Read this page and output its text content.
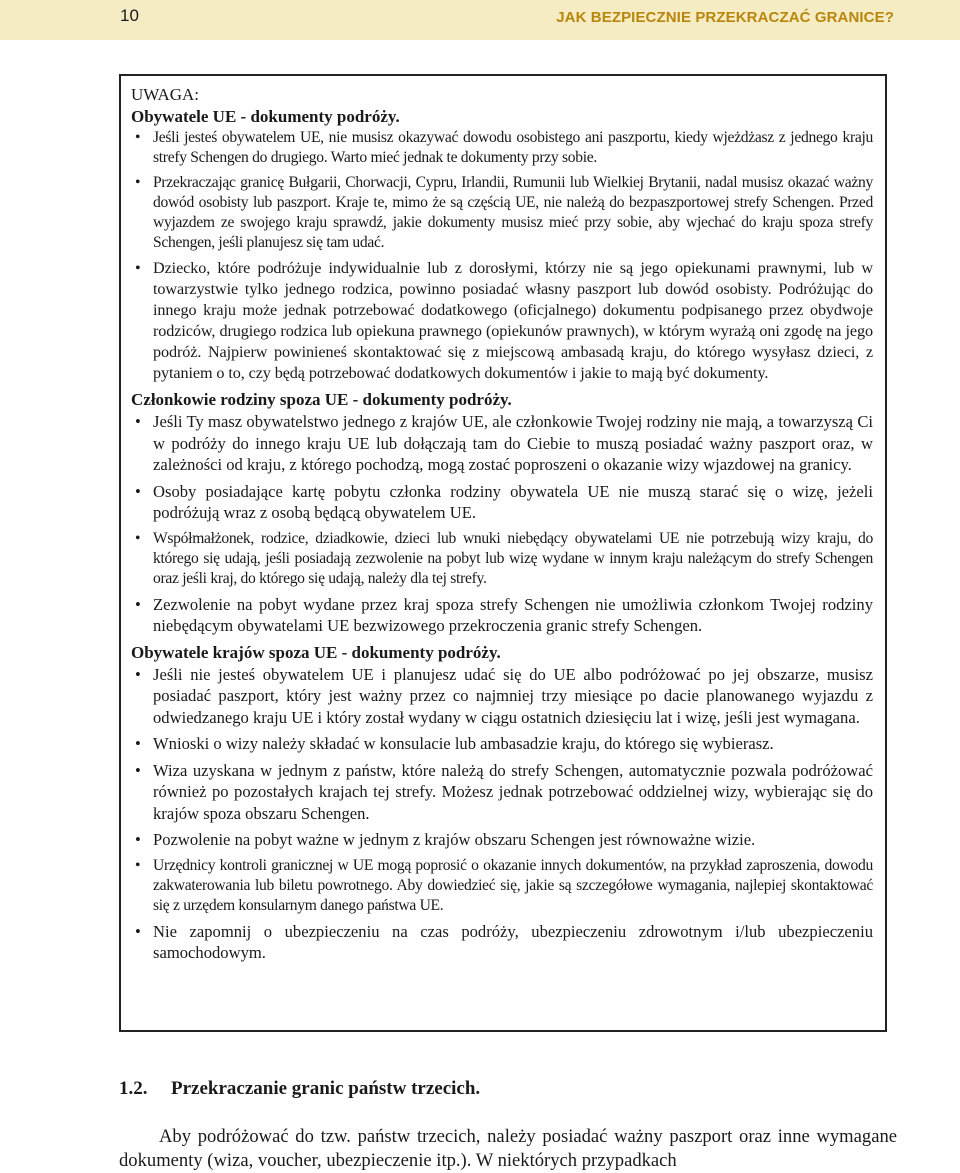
10	JAK BEZPIECZNIE PRZEKRACZAĆ GRANICE?

UWAGA:

Obywatele UE - dokumenty podróży.

• Jeśli jesteś obywatelem UE, nie musisz okazywać dowodu osobistego ani paszportu, kiedy wjeżdżasz z jednego kraju strefy Schengen do drugiego. Warto mieć jednak te dokumenty przy sobie.
• Przekraczając granicę Bułgarii, Chorwacji, Cypru, Irlandii, Rumunii lub Wielkiej Brytanii, nadal musisz okazać ważny dowód osobisty lub paszport. Kraje te, mimo że są częścią UE, nie należą do bezpaszportowej strefy Schengen. Przed wyjazdem ze swojego kraju sprawdź, jakie dokumenty musisz mieć przy sobie, aby wjechać do kraju spoza strefy Schengen, jeśli planujesz się tam udać.
• Dziecko, które podróżuje indywidualnie lub z dorosłymi, którzy nie są jego opiekunami prawnymi, lub w towarzystwie tylko jednego rodzica, powinno posiadać własny paszport lub dowód osobisty. Podróżując do innego kraju może jednak potrzebować dodatkowego (oficjalnego) dokumentu podpisanego przez obydwoje rodziców, drugiego rodzica lub opiekuna prawnego (opiekunów prawnych), w którym wyrażą oni zgodę na jego podróż. Najpierw powinieneś skontaktować się z miejscową ambasadą kraju, do którego wysyłasz dzieci, z pytaniem o to, czy będą potrzebować dodatkowych dokumentów i jakie to mają być dokumenty.

Członkowie rodziny spoza UE - dokumenty podróży.

• Jeśli Ty masz obywatelstwo jednego z krajów UE, ale członkowie Twojej rodziny nie mają, a towarzyszą Ci w podróży do innego kraju UE lub dołączają tam do Ciebie to muszą posiadać ważny paszport oraz, w zależności od kraju, z którego pochodzą, mogą zostać poproszeni o okazanie wizy wjazdowej na granicy.
• Osoby posiadające kartę pobytu członka rodziny obywatela UE nie muszą starać się o wizę, jeżeli podróżują wraz z osobą będącą obywatelem UE.
• Współmałżonek, rodzice, dziadkowie, dzieci lub wnuki niebędący obywatelami UE nie potrzebują wizy kraju, do którego się udają, jeśli posiadają zezwolenie na pobyt lub wizę wydane w innym kraju należącym do strefy Schengen oraz jeśli kraj, do którego się udają, należy dla tej strefy.
• Zezwolenie na pobyt wydane przez kraj spoza strefy Schengen nie umożliwia członkom Twojej rodziny niebędącym obywatelami UE bezwizowego przekroczenia granic strefy Schengen.

Obywatele krajów spoza UE - dokumenty podróży.

• Jeśli nie jesteś obywatelem UE i planujesz udać się do UE albo podróżować po jej obszarze, musisz posiadać paszport, który jest ważny przez co najmniej trzy miesiące po dacie planowanego wyjazdu z odwiedzanego kraju UE i który został wydany w ciągu ostatnich dziesięciu lat i wizę, jeśli jest wymagana.
• Wnioski o wizy należy składać w konsulacie lub ambasadzie kraju, do którego się wybierasz.
• Wiza uzyskana w jednym z państw, które należą do strefy Schengen, automatycznie pozwala podróżować również po pozostałych krajach tej strefy. Możesz jednak potrzebować oddzielnej wizy, wybierając się do krajów spoza obszaru Schengen.
• Pozwolenie na pobyt ważne w jednym z krajów obszaru Schengen jest równoważne wizie.
• Urzędnicy kontroli granicznej w UE mogą poprosić o okazanie innych dokumentów, na przykład zaproszenia, dowodu zakwaterowania lub biletu powrotnego. Aby dowiedzieć się, jakie są szczegółowe wymagania, najlepiej skontaktować się z urzędem konsularnym danego państwa UE.
• Nie zapomnij o ubezpieczeniu na czas podróży, ubezpieczeniu zdrowotnym i/lub ubezpieczeniu samochodowym.
1.2. Przekraczanie granic państw trzecich.

Aby podróżować do tzw. państw trzecich, należy posiadać ważny paszport oraz inne wymagane dokumenty (wiza, voucher, ubezpieczenie itp.). W niektórych przypadkach
